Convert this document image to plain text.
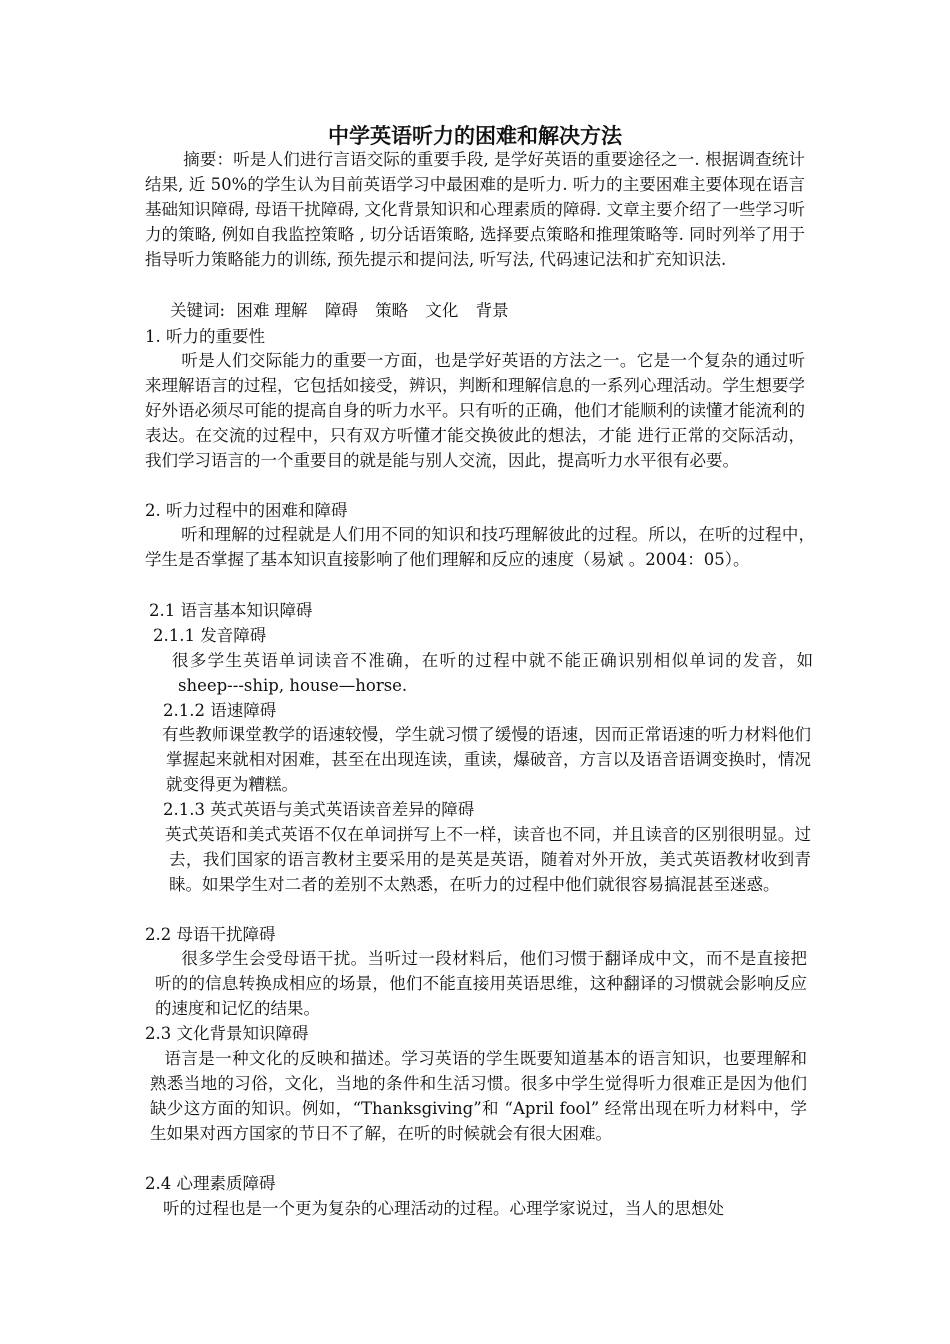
中学英语听力的困难和解决方法

摘要：听是人们进行言语交际的重要手段, 是学好英语的重要途径之一. 根据调查统计结果, 近 50%的学生认为目前英语学习中最困难的是听力. 听力的主要困难主要体现在语言基础知识障碍, 母语干扰障碍, 文化背景知识和心理素质的障碍. 文章主要介绍了一些学习听力的策略, 例如自我监控策略 , 切分话语策略, 选择要点策略和推理策略等. 同时列举了用于指导听力策略能力的训练, 预先提示和提问法, 听写法, 代码速记法和扩充知识法.

关键词: 困难 理解 障碍 策略 文化 背景
1. 听力的重要性

听是人们交际能力的重要一方面，也是学好英语的方法之一。它是一个复杂的通过听来理解语言的过程，它包括如接受，辨识，判断和理解信息的一系列心理活动。学生想要学好外语必须尽可能的提高自身的听力水平。只有听的正确，他们才能顺利的读懂才能流利的表达。在交流的过程中，只有双方听懂才能交换彼此的想法，才能 进行正常的交际活动，我们学习语言的一个重要目的就是能与别人交流，因此，提高听力水平很有必要。

2. 听力过程中的困难和障碍

听和理解的过程就是人们用不同的知识和技巧理解彼此的过程。所以，在听的过程中，学生是否掌握了基本知识直接影响了他们理解和反应的速度（易斌 。2004：05）。

2.1 语言基本知识障碍
2.1.1 发音障碍

很多学生英语单词读音不准确，在听的过程中就不能正确识别相似单词的发音，如 sheep---ship, house—horse.

2.1.2 语速障碍

有些教师课堂教学的语速较慢，学生就习惯了缓慢的语速，因而正常语速的听力材料他们掌握起来就相对困难，甚至在出现连读，重读，爆破音，方言以及语音语调变换时，情况就变得更为糟糕。

2.1.3 英式英语与美式英语读音差异的障碍

英式英语和美式英语不仅在单词拼写上不一样，读音也不同，并且读音的区别很明显。过去，我们国家的语言教材主要采用的是英是英语，随着对外开放，美式英语教材收到青睐。如果学生对二者的差别不太熟悉，在听力的过程中他们就很容易搞混甚至迷惑。

2.2 母语干扰障碍

很多学生会受母语干扰。当听过一段材料后，他们习惯于翻译成中文，而不是直接把听的的信息转换成相应的场景，他们不能直接用英语思维，这种翻译的习惯就会影响反应的速度和记忆的结果。

2.3 文化背景知识障碍

语言是一种文化的反映和描述。学习英语的学生既要知道基本的语言知识，也要理解和熟悉当地的习俗，文化，当地的条件和生活习惯。很多中学生觉得听力很难正是因为他们缺少这方面的知识。例如，“Thanksgiving”和 “April fool” 经常出现在听力材料中，学生如果对西方国家的节日不了解，在听的时候就会有很大困难。

2.4 心理素质障碍

听的过程也是一个更为复杂的心理活动的过程。心理学家说过，当人的思想处
